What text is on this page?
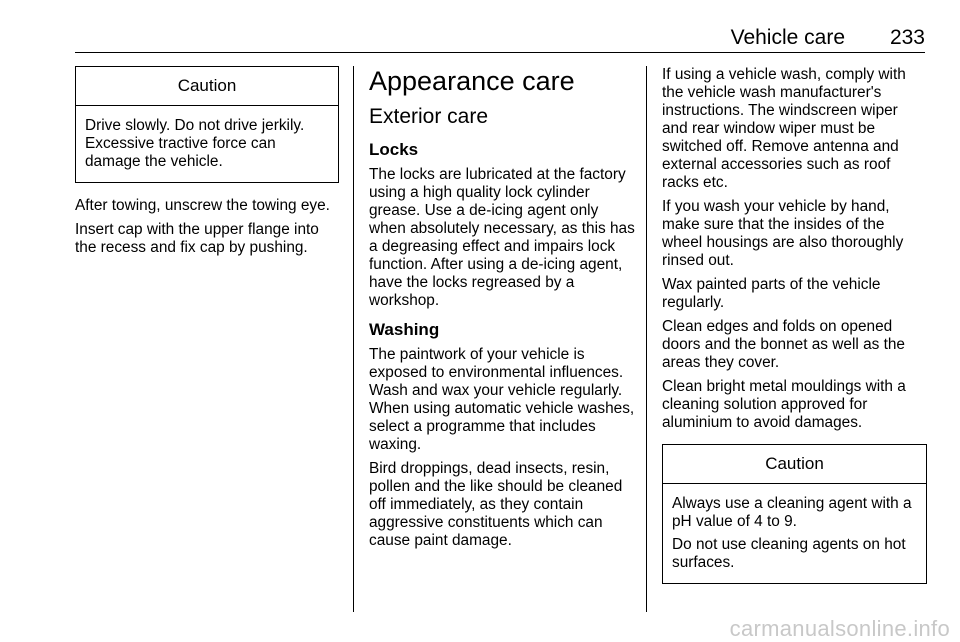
Vehicle care 233
Caution

Drive slowly. Do not drive jerkily. Excessive tractive force can damage the vehicle.

After towing, unscrew the towing eye.

Insert cap with the upper flange into the recess and fix cap by pushing.

Appearance care
Exterior care
Locks

The locks are lubricated at the factory using a high quality lock cylinder grease. Use a de-icing agent only when absolutely necessary, as this has a degreasing effect and impairs lock function. After using a de-icing agent, have the locks regreased by a workshop.

Washing

The paintwork of your vehicle is exposed to environmental influences. Wash and wax your vehicle regularly. When using automatic vehicle washes, select a programme that includes waxing.

Bird droppings, dead insects, resin, pollen and the like should be cleaned off immediately, as they contain aggressive constituents which can cause paint damage.

If using a vehicle wash, comply with the vehicle wash manufacturer's instructions. The windscreen wiper and rear window wiper must be switched off. Remove antenna and external accessories such as roof racks etc.

If you wash your vehicle by hand, make sure that the insides of the wheel housings are also thoroughly rinsed out.

Wax painted parts of the vehicle regularly.

Clean edges and folds on opened doors and the bonnet as well as the areas they cover.

Clean bright metal mouldings with a cleaning solution approved for aluminium to avoid damages.

Caution

Always use a cleaning agent with a pH value of 4 to 9.

Do not use cleaning agents on hot surfaces.

carmanualsonline.info
